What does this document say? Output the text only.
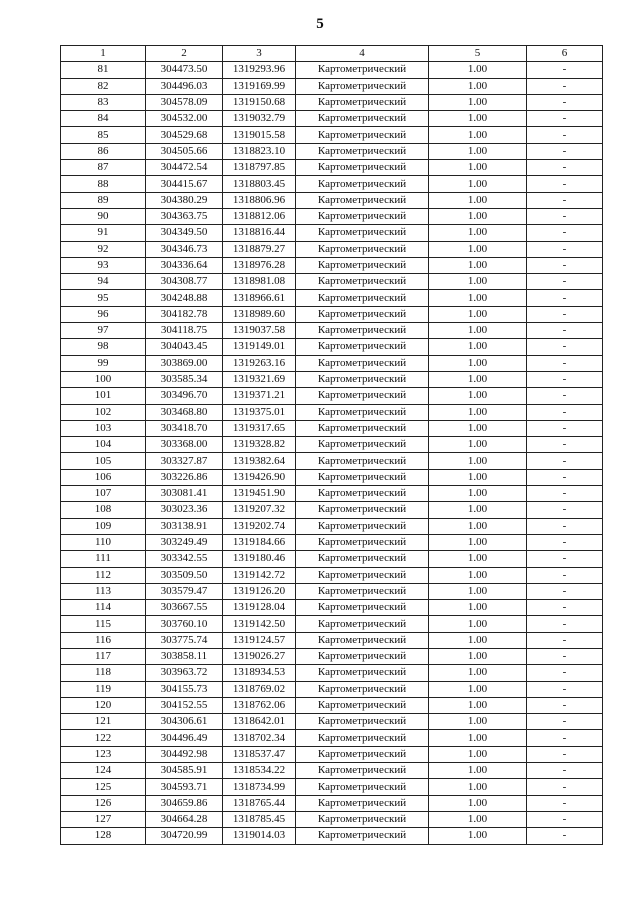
5
1	2	3	4	5	6
81	304473.50	1319293.96	Картометрический	1.00	-
82	304496.03	1319169.99	Картометрический	1.00	-
83	304578.09	1319150.68	Картометрический	1.00	-
84	304532.00	1319032.79	Картометрический	1.00	-
85	304529.68	1319015.58	Картометрический	1.00	-
86	304505.66	1318823.10	Картометрический	1.00	-
87	304472.54	1318797.85	Картометрический	1.00	-
88	304415.67	1318803.45	Картометрический	1.00	-
89	304380.29	1318806.96	Картометрический	1.00	-
90	304363.75	1318812.06	Картометрический	1.00	-
91	304349.50	1318816.44	Картометрический	1.00	-
92	304346.73	1318879.27	Картометрический	1.00	-
93	304336.64	1318976.28	Картометрический	1.00	-
94	304308.77	1318981.08	Картометрический	1.00	-
95	304248.88	1318966.61	Картометрический	1.00	-
96	304182.78	1318989.60	Картометрический	1.00	-
97	304118.75	1319037.58	Картометрический	1.00	-
98	304043.45	1319149.01	Картометрический	1.00	-
99	303869.00	1319263.16	Картометрический	1.00	-
100	303585.34	1319321.69	Картометрический	1.00	-
101	303496.70	1319371.21	Картометрический	1.00	-
102	303468.80	1319375.01	Картометрический	1.00	-
103	303418.70	1319317.65	Картометрический	1.00	-
104	303368.00	1319328.82	Картометрический	1.00	-
105	303327.87	1319382.64	Картометрический	1.00	-
106	303226.86	1319426.90	Картометрический	1.00	-
107	303081.41	1319451.90	Картометрический	1.00	-
108	303023.36	1319207.32	Картометрический	1.00	-
109	303138.91	1319202.74	Картометрический	1.00	-
110	303249.49	1319184.66	Картометрический	1.00	-
111	303342.55	1319180.46	Картометрический	1.00	-
112	303509.50	1319142.72	Картометрический	1.00	-
113	303579.47	1319126.20	Картометрический	1.00	-
114	303667.55	1319128.04	Картометрический	1.00	-
115	303760.10	1319142.50	Картометрический	1.00	-
116	303775.74	1319124.57	Картометрический	1.00	-
117	303858.11	1319026.27	Картометрический	1.00	-
118	303963.72	1318934.53	Картометрический	1.00	-
119	304155.73	1318769.02	Картометрический	1.00	-
120	304152.55	1318762.06	Картометрический	1.00	-
121	304306.61	1318642.01	Картометрический	1.00	-
122	304496.49	1318702.34	Картометрический	1.00	-
123	304492.98	1318537.47	Картометрический	1.00	-
124	304585.91	1318534.22	Картометрический	1.00	-
125	304593.71	1318734.99	Картометрический	1.00	-
126	304659.86	1318765.44	Картометрический	1.00	-
127	304664.28	1318785.45	Картометрический	1.00	-
128	304720.99	1319014.03	Картометрический	1.00	-
